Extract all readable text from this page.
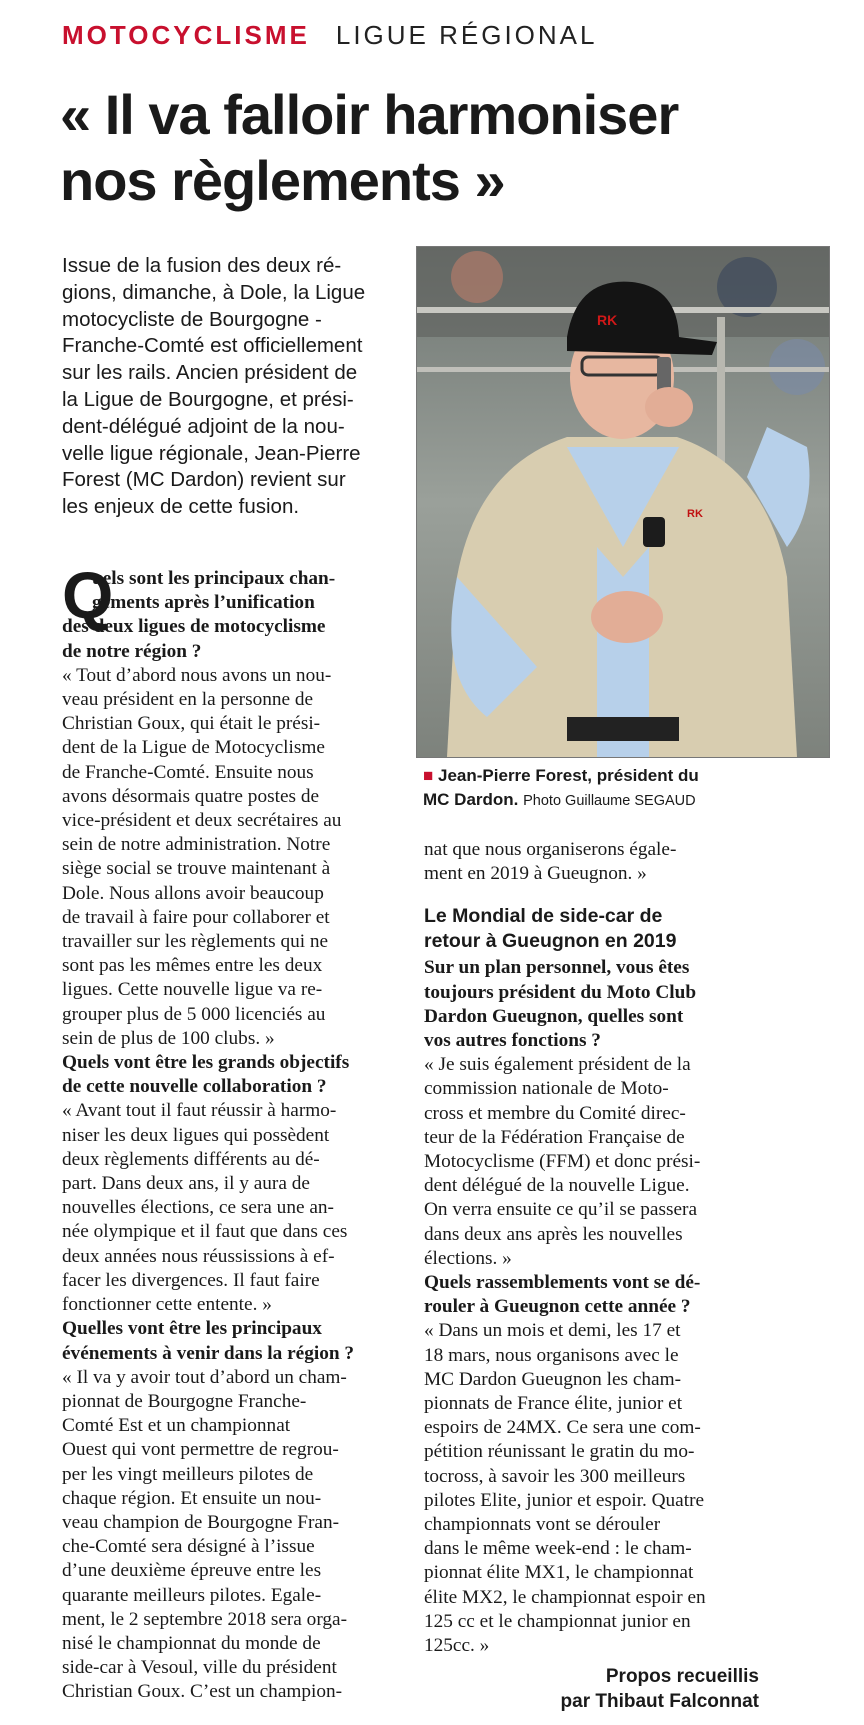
MOTOCYCLISME LIGUE RÉGIONAL
« Il va falloir harmoniser
nos règlements »
Issue de la fusion des deux ré-
gions, dimanche, à Dole, la Ligue
motocycliste de Bourgogne -
Franche-Comté est officiellement
sur les rails. Ancien président de
la Ligue de Bourgogne, et prési-
dent-délégué adjoint de la nou-
velle ligue régionale, Jean-Pierre
Forest (MC Dardon) revient sur
les enjeux de cette fusion.
RK
RK
■ Jean-Pierre Forest, président du
MC Dardon. Photo Guillaume SEGAUD
Q
uels sont les principaux chan-
gements après l’unification
des deux ligues de motocyclisme
de notre région ?
« Tout d’abord nous avons un nou-
veau président en la personne de
Christian Goux, qui était le prési-
dent de la Ligue de Motocyclisme
de Franche-Comté. Ensuite nous
avons désormais quatre postes de
vice-président et deux secrétaires au
sein de notre administration. Notre
siège social se trouve maintenant à
Dole. Nous allons avoir beaucoup
de travail à faire pour collaborer et
travailler sur les règlements qui ne
sont pas les mêmes entre les deux
ligues. Cette nouvelle ligue va re-
grouper plus de 5 000 licenciés au
sein de plus de 100 clubs. »
Quels vont être les grands objectifs
de cette nouvelle collaboration ?
« Avant tout il faut réussir à harmo-
niser les deux ligues qui possèdent
deux règlements différents au dé-
part. Dans deux ans, il y aura de
nouvelles élections, ce sera une an-
née olympique et il faut que dans ces
deux années nous réussissions à ef-
facer les divergences. Il faut faire
fonctionner cette entente. »
Quelles vont être les principaux
événements à venir dans la région ?
« Il va y avoir tout d’abord un cham-
pionnat de Bourgogne Franche-
Comté Est et un championnat
Ouest qui vont permettre de regrou-
per les vingt meilleurs pilotes de
chaque région. Et ensuite un nou-
veau champion de Bourgogne Fran-
che-Comté sera désigné à l’issue
d’une deuxième épreuve entre les
quarante meilleurs pilotes. Egale-
ment, le 2 septembre 2018 sera orga-
nisé le championnat du monde de
side-car à Vesoul, ville du président
Christian Goux. C’est un champion-
nat que nous organiserons égale-
ment en 2019 à Gueugnon. »
Le Mondial de side-car de
retour à Gueugnon en 2019
Sur un plan personnel, vous êtes
toujours président du Moto Club
Dardon Gueugnon, quelles sont
vos autres fonctions ?
« Je suis également président de la
commission nationale de Moto-
cross et membre du Comité direc-
teur de la Fédération Française de
Motocyclisme (FFM) et donc prési-
dent délégué de la nouvelle Ligue.
On verra ensuite ce qu’il se passera
dans deux ans après les nouvelles
élections. »
Quels rassemblements vont se dé-
rouler à Gueugnon cette année ?
« Dans un mois et demi, les 17 et
18 mars, nous organisons avec le
MC Dardon Gueugnon les cham-
pionnats de France élite, junior et
espoirs de 24MX. Ce sera une com-
pétition réunissant le gratin du mo-
tocross, à savoir les 300 meilleurs
pilotes Elite, junior et espoir. Quatre
championnats vont se dérouler
dans le même week-end : le cham-
pionnat élite MX1, le championnat
élite MX2, le championnat espoir en
125 cc et le championnat junior en
125cc. »
Propos recueillis
par Thibaut Falconnat
